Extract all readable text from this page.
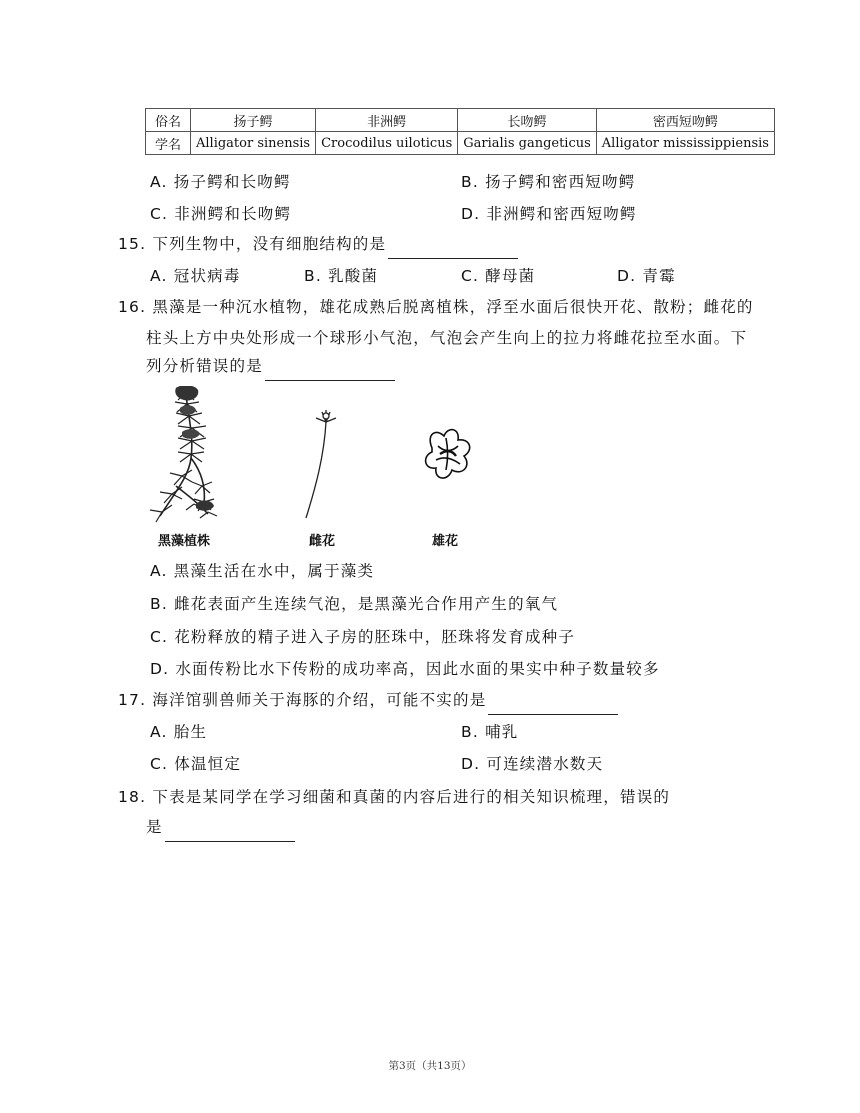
俗名	扬子鳄	非洲鳄	长吻鳄	密西短吻鳄
学名	Alligator sinensis	Crocodilus uiloticus	Garialis gangeticus	Alligator mississippiensis
A. 扬子鳄和长吻鳄	B. 扬子鳄和密西短吻鳄
C. 非洲鳄和长吻鳄	D. 非洲鳄和密西短吻鳄
15. 下列生物中，没有细胞结构的是
A. 冠状病毒	B. 乳酸菌	C. 酵母菌	D. 青霉
16. 黑藻是一种沉水植物，雄花成熟后脱离植株，浮至水面后很快开花、散粉；雌花的
柱头上方中央处形成一个球形小气泡，气泡会产生向上的拉力将雌花拉至水面。下
列分析错误的是
黑藻植株	雌花	雄花
A. 黑藻生活在水中，属于藻类
B. 雌花表面产生连续气泡，是黑藻光合作用产生的氧气
C. 花粉释放的精子进入子房的胚珠中，胚珠将发育成种子
D. 水面传粉比水下传粉的成功率高，因此水面的果实中种子数量较多
17. 海洋馆驯兽师关于海豚的介绍，可能不实的是
A. 胎生	B. 哺乳
C. 体温恒定	D. 可连续潜水数天
18. 下表是某同学在学习细菌和真菌的内容后进行的相关知识梳理，错误的
是
第3页（共13页）
